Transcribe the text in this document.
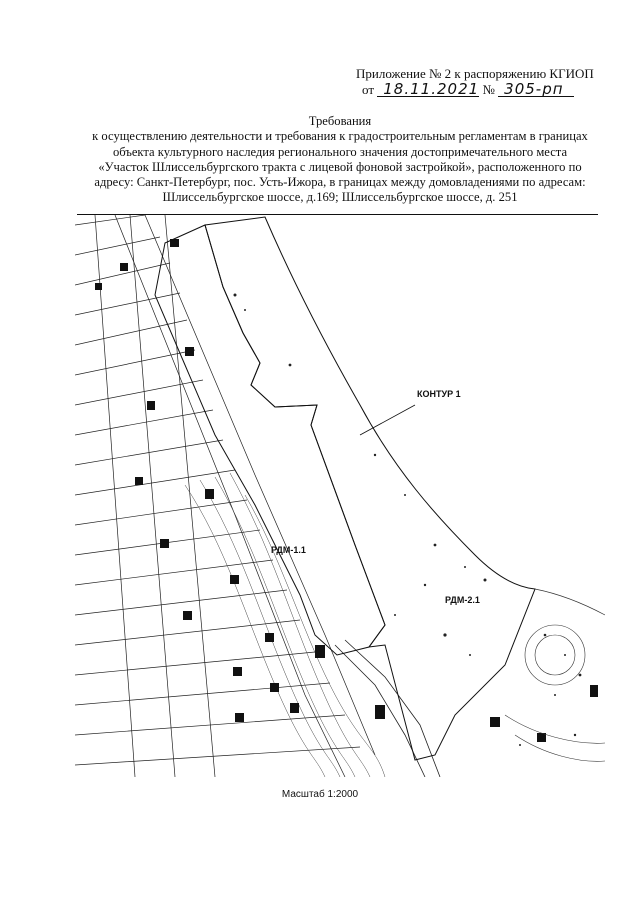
Приложение № 2 к распоряжению КГИОП
от 18.11.2021 № 305-рп
Требования
к осуществлению деятельности и требования к градостроительным регламентам в границах
объекта культурного наследия регионального значения достопримечательного места
«Участок Шлиссельбургского тракта с лицевой фоновой застройкой», расположенного по
адресу: Санкт-Петербург, пос. Усть-Ижора, в границах между домовладениями по адресам:
Шлиссельбургское шоссе, д.169; Шлиссельбургское шоссе, д. 251
КОНТУР 1
РДМ-1.1
РДМ-2.1
Масштаб 1:2000
